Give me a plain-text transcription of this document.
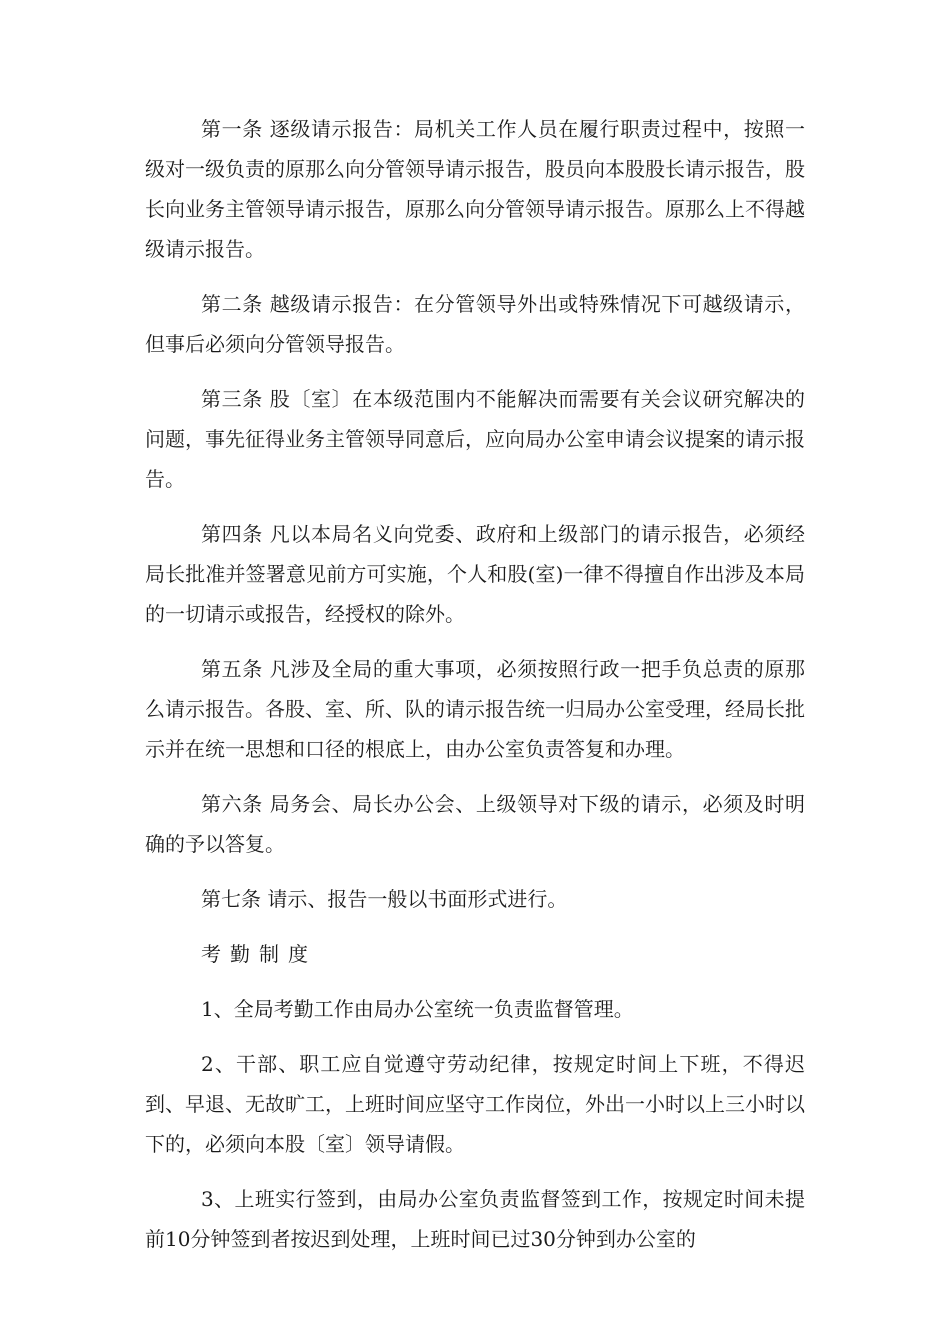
第一条 逐级请示报告：局机关工作人员在履行职责过程中，按照一级对一级负责的原那么向分管领导请示报告，股员向本股股长请示报告，股长向业务主管领导请示报告，原那么向分管领导请示报告。原那么上不得越级请示报告。

第二条 越级请示报告：在分管领导外出或特殊情况下可越级请示，但事后必须向分管领导报告。

第三条 股〔室〕在本级范围内不能解决而需要有关会议研究解决的问题，事先征得业务主管领导同意后，应向局办公室申请会议提案的请示报告。

第四条 凡以本局名义向党委、政府和上级部门的请示报告，必须经局长批准并签署意见前方可实施，个人和股(室)一律不得擅自作出涉及本局的一切请示或报告，经授权的除外。

第五条 凡涉及全局的重大事项，必须按照行政一把手负总责的原那么请示报告。各股、室、所、队的请示报告统一归局办公室受理，经局长批示并在统一思想和口径的根底上，由办公室负责答复和办理。

第六条 局务会、局长办公会、上级领导对下级的请示，必须及时明确的予以答复。

第七条 请示、报告一般以书面形式进行。

考勤制度

1、全局考勤工作由局办公室统一负责监督管理。

2、干部、职工应自觉遵守劳动纪律，按规定时间上下班，不得迟到、早退、无故旷工，上班时间应坚守工作岗位，外出一小时以上三小时以下的，必须向本股〔室〕领导请假。

3、上班实行签到，由局办公室负责监督签到工作，按规定时间未提前10分钟签到者按迟到处理，上班时间已过30分钟到办公室的
